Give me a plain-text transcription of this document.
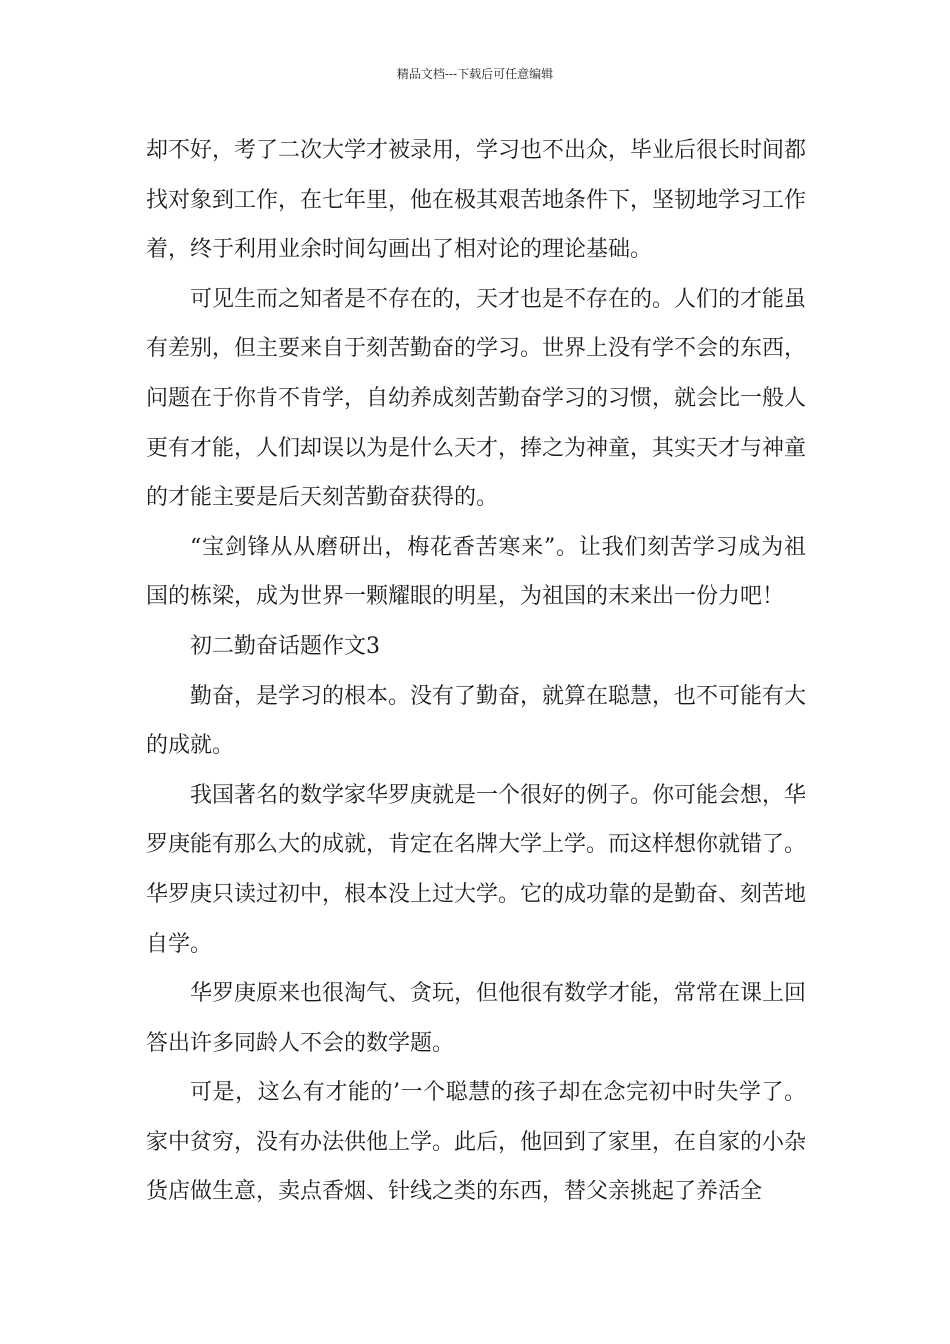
精品文档---下载后可任意编辑

却不好，考了二次大学才被录用，学习也不出众，毕业后很长时间都找对象到工作，在七年里，他在极其艰苦地条件下，坚韧地学习工作着，终于利用业余时间勾画出了相对论的理论基础。

可见生而之知者是不存在的，天才也是不存在的。人们的才能虽有差别，但主要来自于刻苦勤奋的学习。世界上没有学不会的东西，问题在于你肯不肯学，自幼养成刻苦勤奋学习的习惯，就会比一般人更有才能，人们却误以为是什么天才，捧之为神童，其实天才与神童的才能主要是后天刻苦勤奋获得的。

“宝剑锋从从磨研出，梅花香苦寒来”。让我们刻苦学习成为祖国的栋梁，成为世界一颗耀眼的明星，为祖国的末来出一份力吧！

初二勤奋话题作文3

勤奋，是学习的根本。没有了勤奋，就算在聪慧，也不可能有大的成就。

我国著名的数学家华罗庚就是一个很好的例子。你可能会想，华罗庚能有那么大的成就，肯定在名牌大学上学。而这样想你就错了。华罗庚只读过初中，根本没上过大学。它的成功靠的是勤奋、刻苦地自学。

华罗庚原来也很淘气、贪玩，但他很有数学才能，常常在课上回答出许多同龄人不会的数学题。

可是，这么有才能的’一个聪慧的孩子却在念完初中时失学了。家中贫穷，没有办法供他上学。此后，他回到了家里，在自家的小杂货店做生意，卖点香烟、针线之类的东西，替父亲挑起了养活全
